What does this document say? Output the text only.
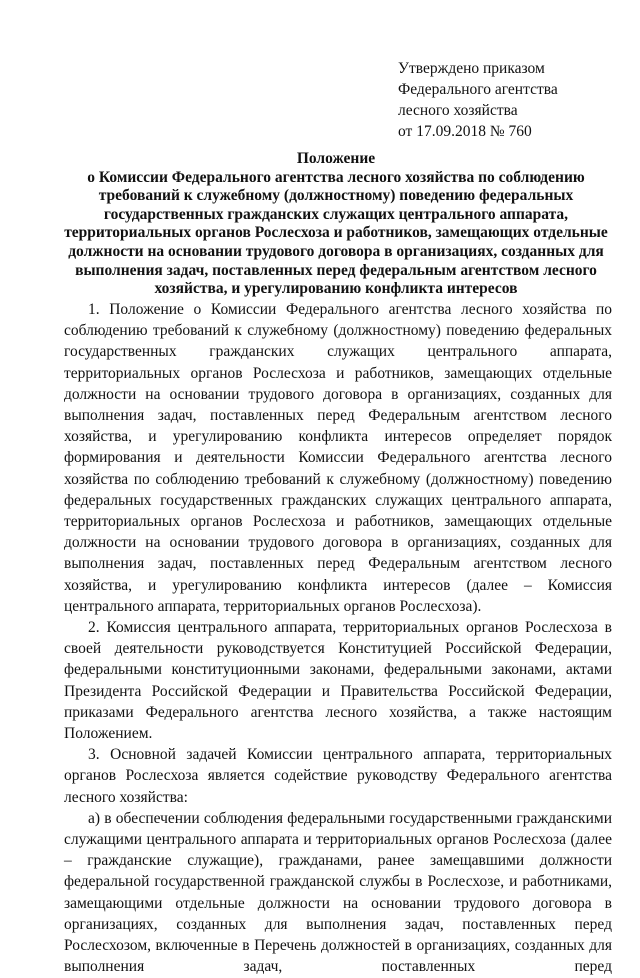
Утверждено приказом
Федерального агентства
лесного хозяйства
от 17.09.2018 № 760
Положение
о Комиссии Федерального агентства лесного хозяйства по соблюдению
требований к служебному (должностному) поведению федеральных
государственных гражданских служащих центрального аппарата,
территориальных органов Рослесхоза и работников, замещающих отдельные
должности на основании трудового договора в организациях, созданных для
выполнения задач, поставленных перед федеральным агентством лесного
хозяйства, и урегулированию конфликта интересов

1. Положение о Комиссии Федерального агентства лесного хозяйства по соблюдению требований к служебному (должностному) поведению федеральных государственных гражданских служащих центрального аппарата, территориальных органов Рослесхоза и работников, замещающих отдельные должности на основании трудового договора в организациях, созданных для выполнения задач, поставленных перед Федеральным агентством лесного хозяйства, и урегулированию конфликта интересов определяет порядок формирования и деятельности Комиссии Федерального агентства лесного хозяйства по соблюдению требований к служебному (должностному) поведению федеральных государственных гражданских служащих центрального аппарата, территориальных органов Рослесхоза и работников, замещающих отдельные должности на основании трудового договора в организациях, созданных для выполнения задач, поставленных перед Федеральным агентством лесного хозяйства, и урегулированию конфликта интересов (далее – Комиссия центрального аппарата, территориальных органов Рослесхоза).

2. Комиссия центрального аппарата, территориальных органов Рослесхоза в своей деятельности руководствуется Конституцией Российской Федерации, федеральными конституционными законами, федеральными законами, актами Президента Российской Федерации и Правительства Российской Федерации, приказами Федерального агентства лесного хозяйства, а также настоящим Положением.

3. Основной задачей Комиссии центрального аппарата, территориальных органов Рослесхоза является содействие руководству Федерального агентства лесного хозяйства:

а) в обеспечении соблюдения федеральными государственными гражданскими служащими центрального аппарата и территориальных органов Рослесхоза (далее – гражданские служащие), гражданами, ранее замещавшими должности федеральной государственной гражданской службы в Рослесхозе, и работниками, замещающими отдельные должности на основании трудового договора в организациях, созданных для выполнения задач, поставленных перед Рослесхозом, включенные в Перечень должностей в организациях, созданных для выполнения задач, поставленных перед
